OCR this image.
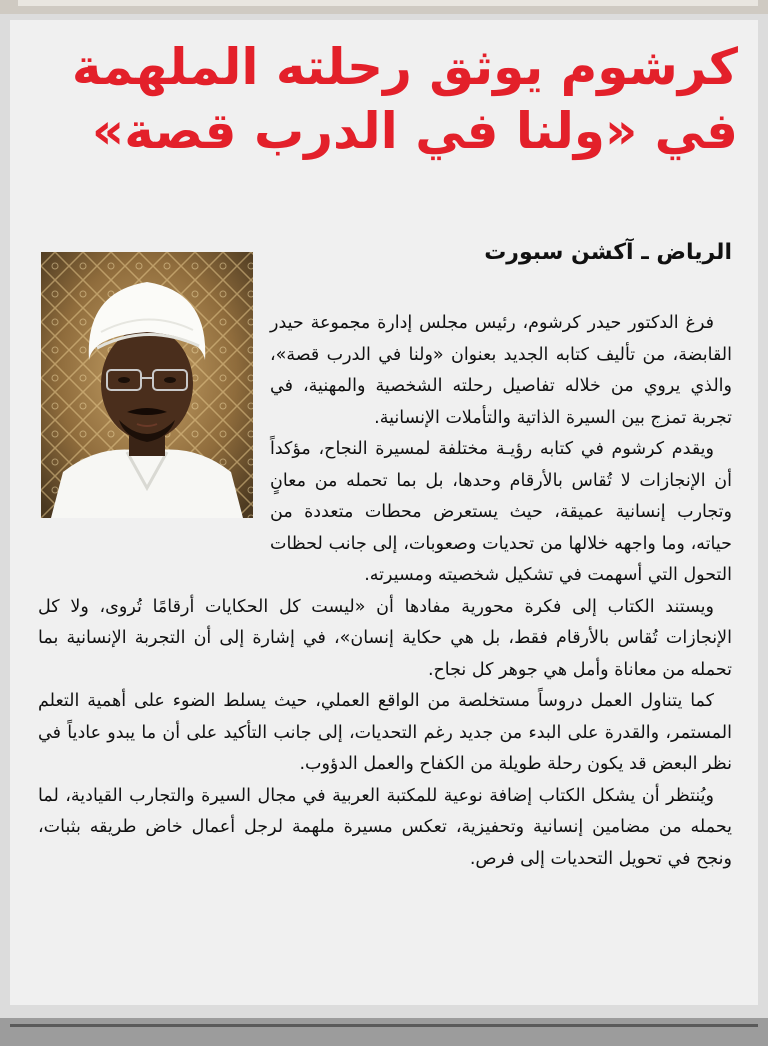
كرشوم يوثق رحلته الملهمة
في «ولنا في الدرب قصة»
الرياض ـ آكشن سبورت

فرغ الدكتور حيدر كرشوم، رئيس مجلس إدارة مجموعة حيدر القابضة، من تأليف كتابه الجديد بعنوان «ولنا في الدرب قصة»، والذي يروي من خلاله تفاصيل رحلته الشخصية والمهنية، في تجربة تمزج بين السيرة الذاتية والتأملات الإنسانية.

ويقدم كرشوم في كتابه رؤيـة مختلفة لمسيرة النجاح، مؤكداً أن الإنجازات لا تُقاس بالأرقام وحدها، بل بما تحمله من معانٍ وتجارب إنسانية عميقة، حيث يستعرض محطات متعددة من حياته، وما واجهه خلالها من تحديات وصعوبات، إلى جانب لحظات التحول التي أسهمت في تشكيل شخصيته ومسيرته.

ويستند الكتاب إلى فكرة محورية مفادها أن «ليست كل الحكايات أرقامًا تُروى، ولا كل الإنجازات تُقاس بالأرقام فقط، بل هي حكاية إنسان»، في إشارة إلى أن التجربة الإنسانية بما تحمله من معاناة وأمل هي جوهر كل نجاح.

كما يتناول العمل دروساً مستخلصة من الواقع العملي، حيث يسلط الضوء على أهمية التعلم المستمر، والقدرة على البدء من جديد رغم التحديات، إلى جانب التأكيد على أن ما يبدو عادياً في نظر البعض قد يكون رحلة طويلة من الكفاح والعمل الدؤوب.

ويُنتظر أن يشكل الكتاب إضافة نوعية للمكتبة العربية في مجال السيرة والتجارب القيادية، لما يحمله من مضامين إنسانية وتحفيزية، تعكس مسيرة ملهمة لرجل أعمال خاض طريقه بثبات، ونجح في تحويل التحديات إلى فرص.
